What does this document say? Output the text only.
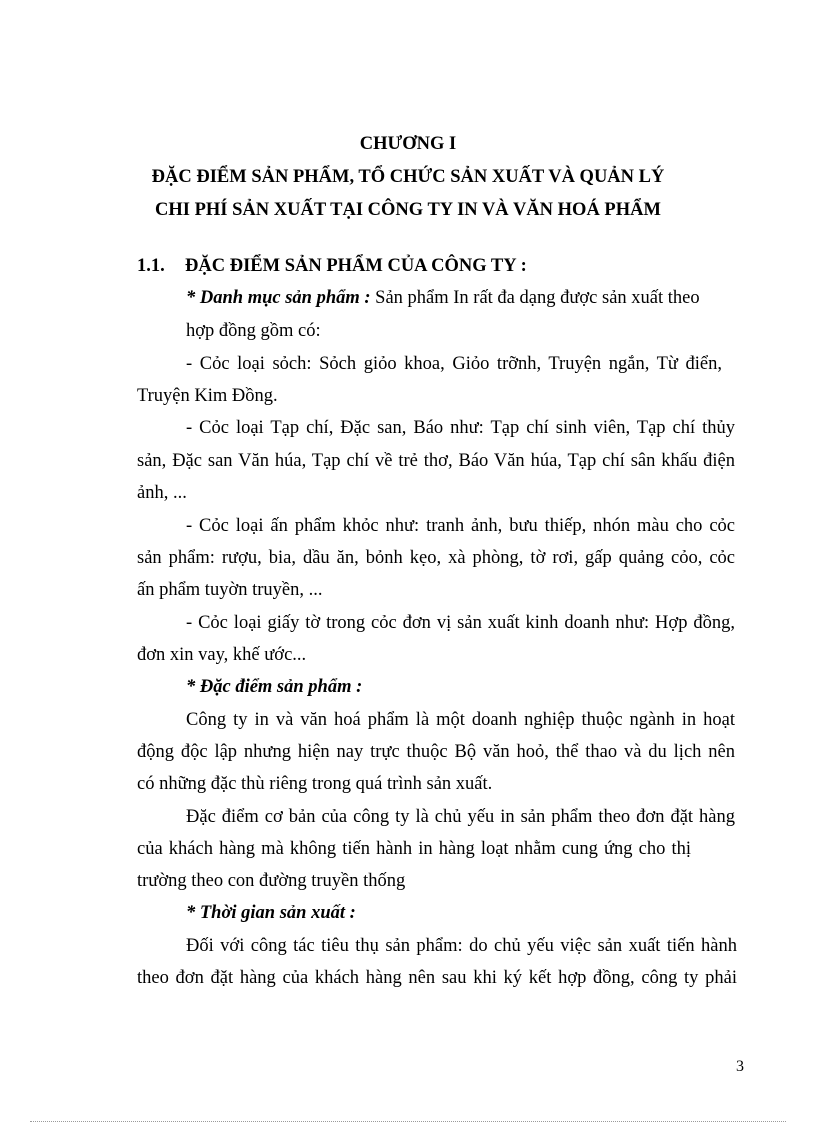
CHƯƠNG I
ĐẶC ĐIỂM SẢN PHẨM, TỔ CHỨC SẢN XUẤT VÀ QUẢN LÝ
CHI PHÍ SẢN XUẤT TẠI CÔNG TY IN VÀ VĂN HOÁ PHẨM
1.1. ĐẶC ĐIỂM SẢN PHẨM CỦA CÔNG TY :
* Danh mục sản phẩm : Sản phẩm In rất đa dạng được sản xuất theo
hợp đồng gồm có:
- Cỏc loại sỏch: Sỏch giỏo khoa, Giỏo trỡnh, Truyện ngắn, Từ điển,
Truyện Kim Đồng.
- Cỏc loại Tạp chí, Đặc san, Báo như: Tạp chí sinh viên, Tạp chí thủy
sản, Đặc san Văn húa, Tạp chí về trẻ thơ, Báo Văn húa, Tạp chí sân khấu điện
ảnh, ...
- Cỏc loại ấn phẩm khỏc như: tranh ảnh, bưu thiếp, nhón màu cho cỏc
sản phẩm: rượu, bia, dầu ăn, bỏnh kẹo, xà phòng, tờ rơi, gấp quảng cỏo, cỏc
ấn phẩm tuyờn truyền, ...
- Cỏc loại giấy tờ trong cỏc đơn vị sản xuất kinh doanh như: Hợp đồng,
đơn xin vay, khế ước...
* Đặc điểm sản phẩm :
Công ty in và văn hoá phẩm là một doanh nghiệp thuộc ngành in hoạt
động độc lập nhưng hiện nay trực thuộc Bộ văn hoỏ, thể thao và du lịch nên
có những đặc thù riêng trong quá trình sản xuất.
Đặc điểm cơ bản của công ty là chủ yếu in sản phẩm theo đơn đặt hàng
của khách hàng mà không tiến hành in hàng loạt nhằm cung ứng cho thị
trường theo con đường truyền thống
* Thời gian sản xuất :
Đối với công tác tiêu thụ sản phẩm: do chủ yếu việc sản xuất tiến hành
theo đơn đặt hàng của khách hàng nên sau khi ký kết hợp đồng, công ty phải
3
